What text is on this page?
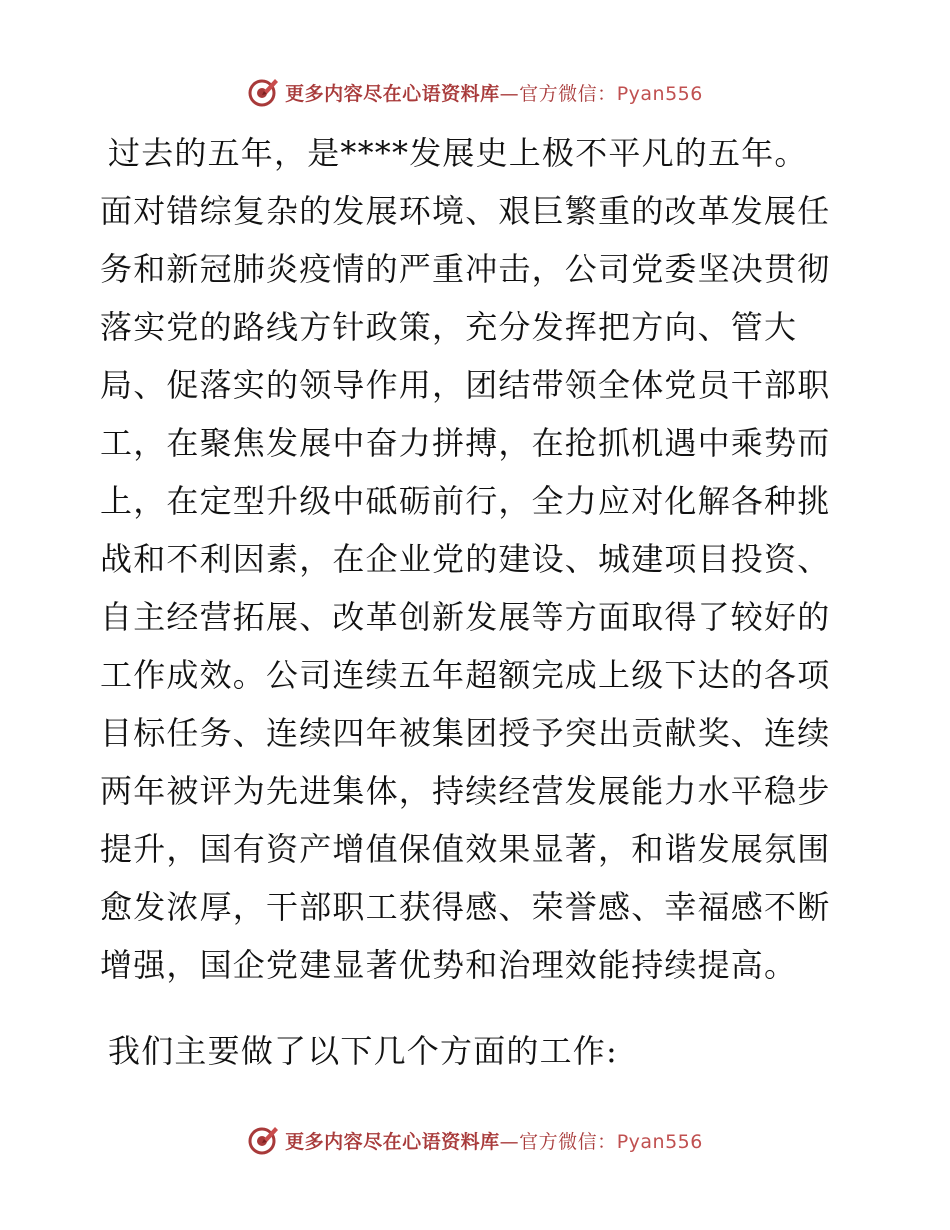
更多内容尽在心语资料库—官方微信：Pyan556
过去的五年，是****发展史上极不平凡的五年。
面对错综复杂的发展环境、艰巨繁重的改革发展任
务和新冠肺炎疫情的严重冲击，公司党委坚决贯彻
落实党的路线方针政策，充分发挥把方向、管大
局、促落实的领导作用，团结带领全体党员干部职
工，在聚焦发展中奋力拼搏，在抢抓机遇中乘势而
上，在定型升级中砥砺前行，全力应对化解各种挑
战和不利因素，在企业党的建设、城建项目投资、
自主经营拓展、改革创新发展等方面取得了较好的
工作成效。公司连续五年超额完成上级下达的各项
目标任务、连续四年被集团授予突出贡献奖、连续
两年被评为先进集体，持续经营发展能力水平稳步
提升，国有资产增值保值效果显著，和谐发展氛围
愈发浓厚，干部职工获得感、荣誉感、幸福感不断
增强，国企党建显著优势和治理效能持续提高。
我们主要做了以下几个方面的工作:
更多内容尽在心语资料库—官方微信：Pyan556
